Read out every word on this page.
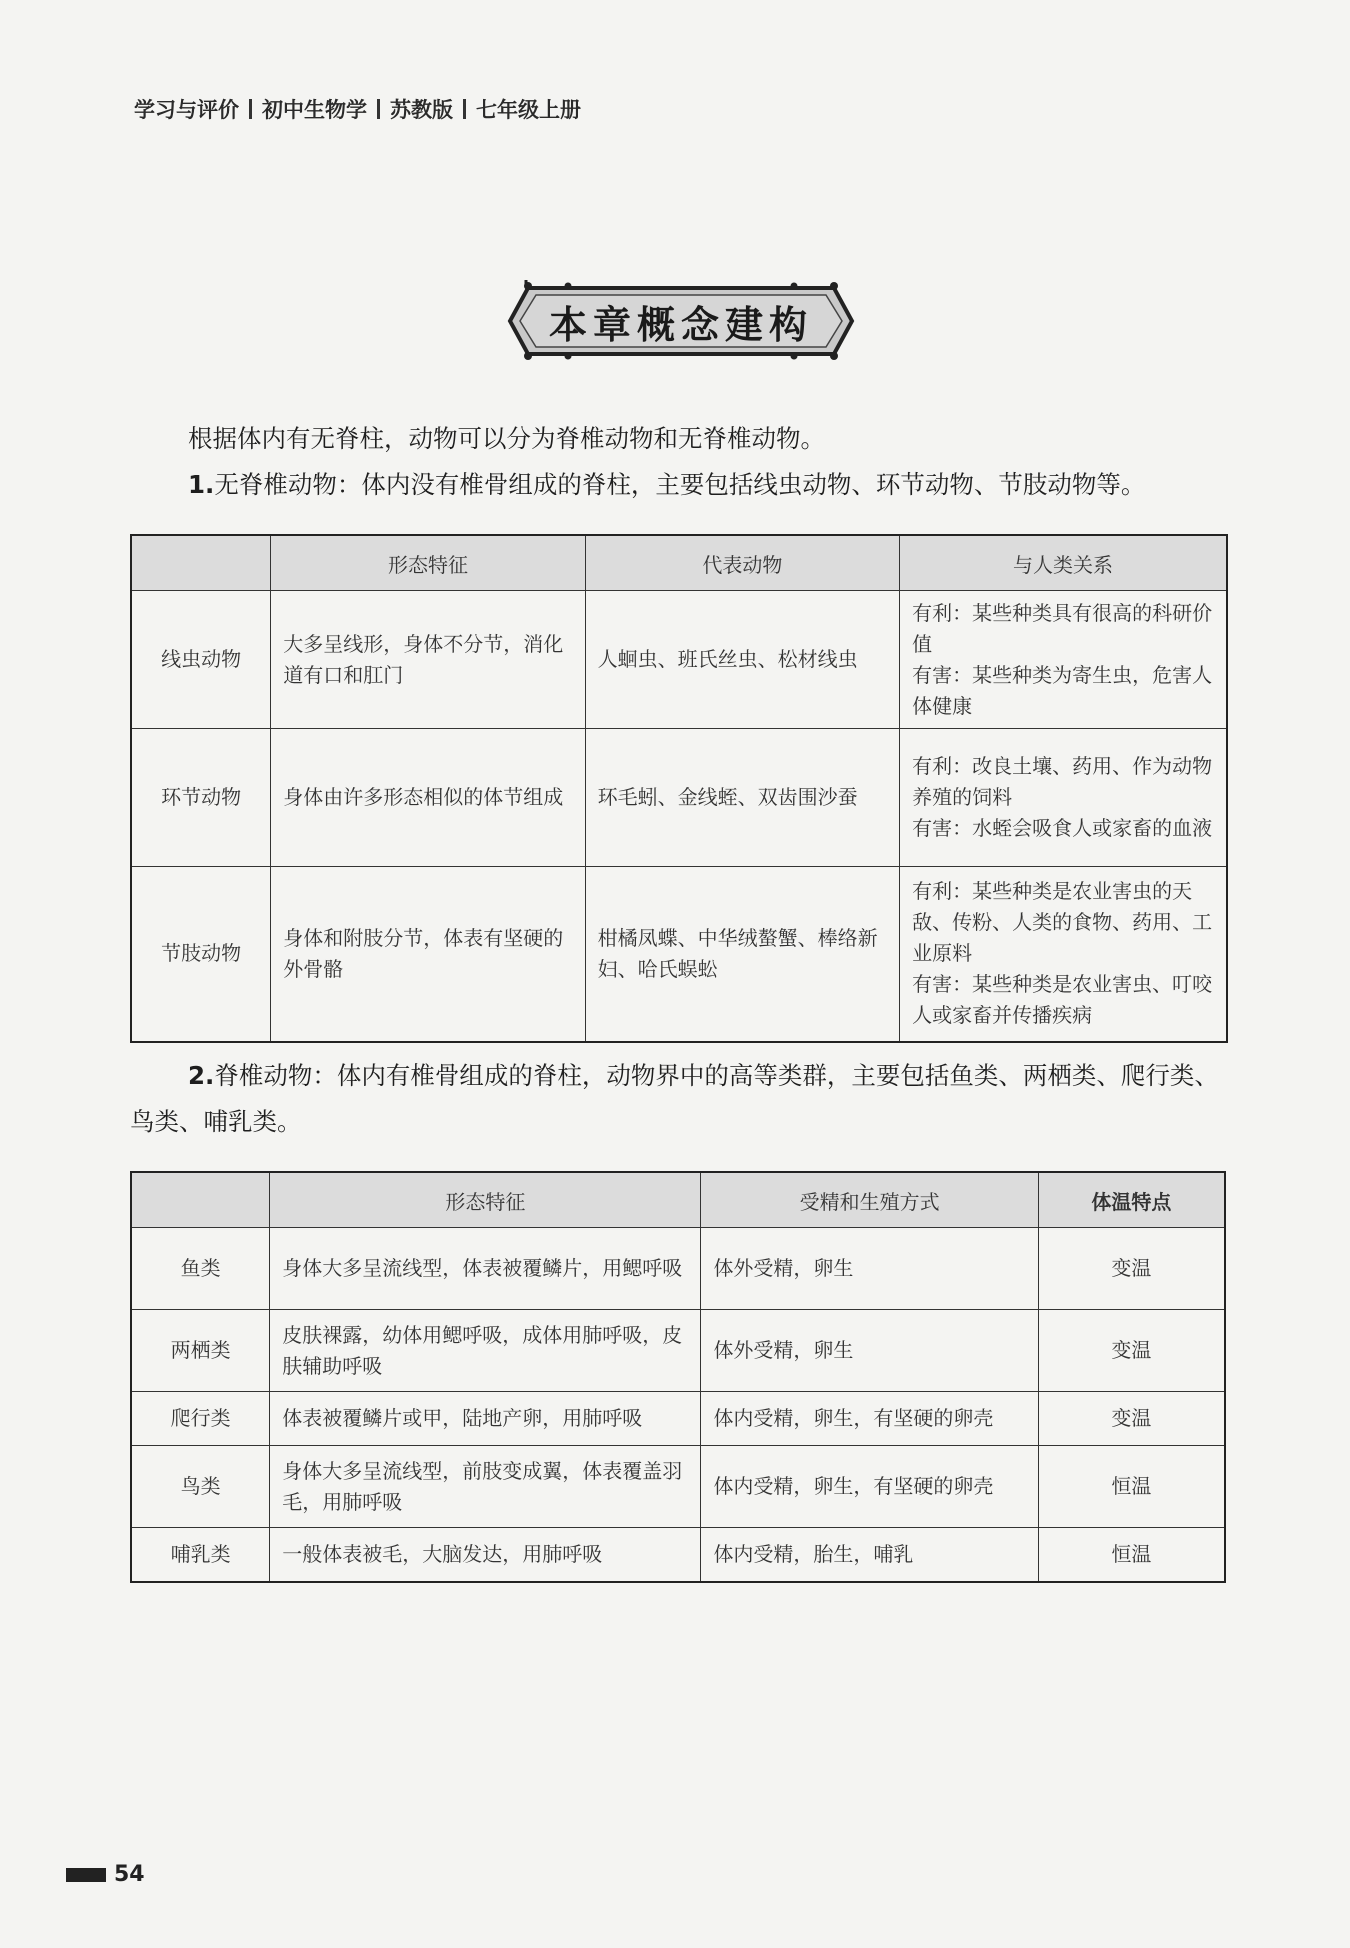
学习与评价 初中生物学 苏教版 七年级上册
本章概念建构
根据体内有无脊柱，动物可以分为脊椎动物和无脊椎动物。
1.无脊椎动物：体内没有椎骨组成的脊柱，主要包括线虫动物、环节动物、节肢动物等。
	形态特征	代表动物	与人类关系
线虫动物	大多呈线形，身体不分节，消化道有口和肛门	人蛔虫、班氏丝虫、松材线虫	有利：某些种类具有很高的科研价值
有害：某些种类为寄生虫，危害人体健康
环节动物	身体由许多形态相似的体节组成	环毛蚓、金线蛭、双齿围沙蚕	有利：改良土壤、药用、作为动物养殖的饲料
有害：水蛭会吸食人或家畜的血液
节肢动物	身体和附肢分节，体表有坚硬的外骨骼	柑橘凤蝶、中华绒螯蟹、棒络新妇、哈氏蜈蚣	有利：某些种类是农业害虫的天敌、传粉、人类的食物、药用、工业原料
有害：某些种类是农业害虫、叮咬人或家畜并传播疾病
2.脊椎动物：体内有椎骨组成的脊柱，动物界中的高等类群，主要包括鱼类、两栖类、爬行类、鸟类、哺乳类。
	形态特征	受精和生殖方式	体温特点
鱼类	身体大多呈流线型，体表被覆鳞片，用鳃呼吸	体外受精，卵生	变温
两栖类	皮肤裸露，幼体用鳃呼吸，成体用肺呼吸，皮肤辅助呼吸	体外受精，卵生	变温
爬行类	体表被覆鳞片或甲，陆地产卵，用肺呼吸	体内受精，卵生，有坚硬的卵壳	变温
鸟类	身体大多呈流线型，前肢变成翼，体表覆盖羽毛，用肺呼吸	体内受精，卵生，有坚硬的卵壳	恒温
哺乳类	一般体表被毛，大脑发达，用肺呼吸	体内受精，胎生，哺乳	恒温
54
